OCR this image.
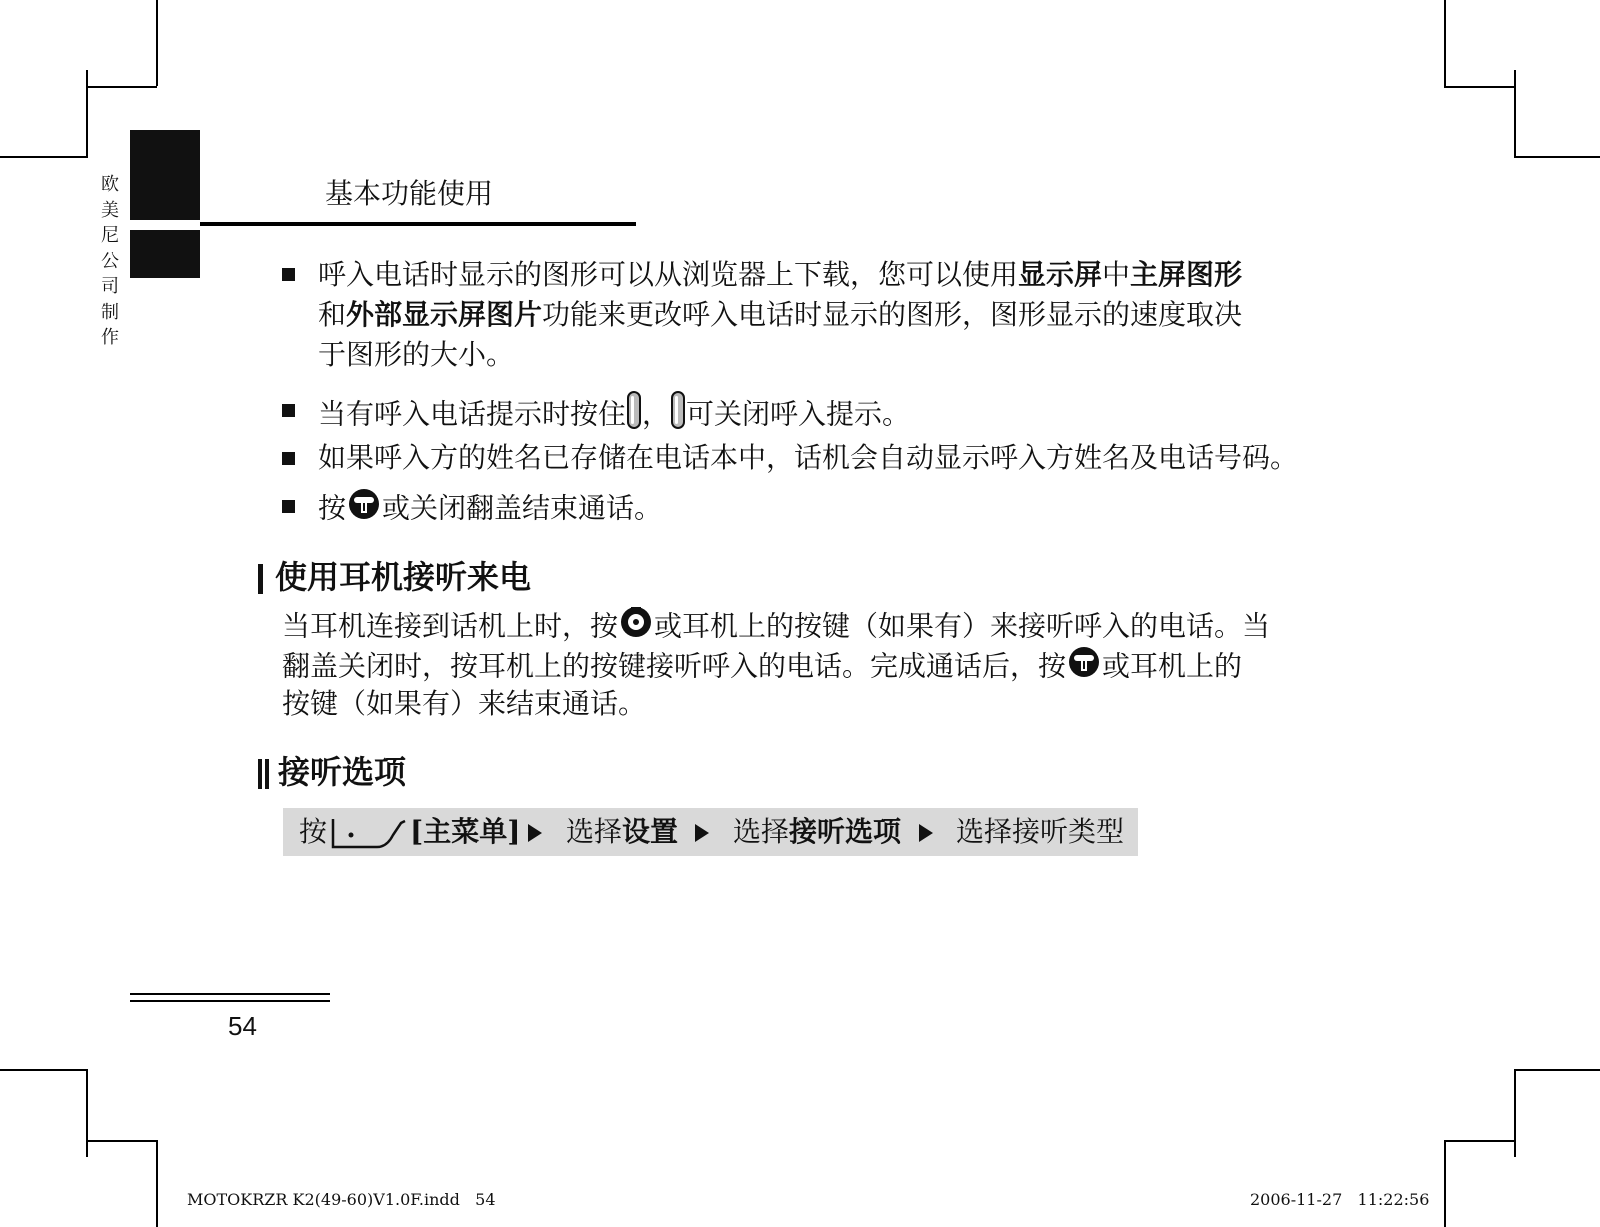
欧
美
尼
公
司
制
作
基本功能使用
呼入电话时显示的图形可以从浏览器上下载，您可以使用显示屏中主屏图形
和外部显示屏图片功能来更改呼入电话时显示的图形，图形显示的速度取决
于图形的大小。
当有呼入电话提示时按住 ， 可关闭呼入提示。
如果呼入方的姓名已存储在电话本中，话机会自动显示呼入方姓名及电话号码。
按 或关闭翻盖结束通话。
使用耳机接听来电
当耳机连接到话机上时，按 或耳机上的按键（如果有）来接听呼入的电话。当
翻盖关闭时，按耳机上的按键接听呼入的电话。完成通话后，按 或耳机上的
按键（如果有）来结束通话。
接听选项
按	[主菜单] 选择设置 选择接听选项 选择接听类型
54
MOTOKRZR K2(49-60)V1.0F.indd   54	2006-11-27   11:22:56
